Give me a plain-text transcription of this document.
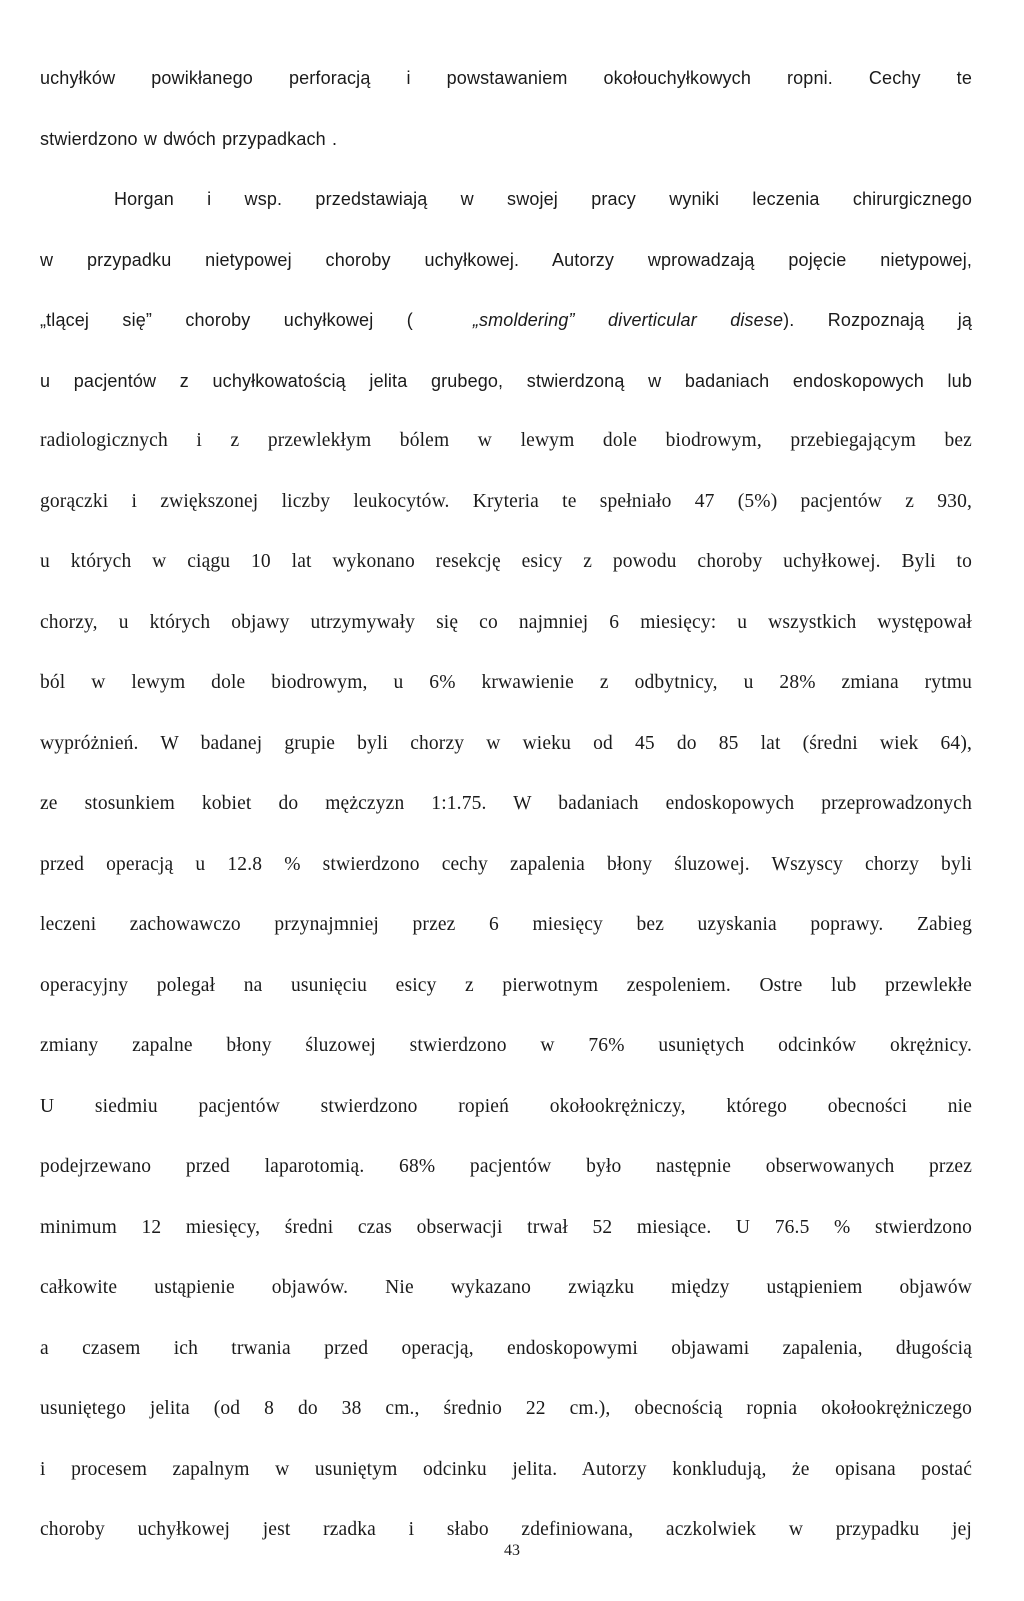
uchyłków powikłanego perforacją i powstawaniem okołouchyłkowych ropni. Cechy te
stwierdzono w dwóch przypadkach .
Horgan i wsp. przedstawiają w swojej pracy wyniki leczenia chirurgicznego
w przypadku nietypowej choroby uchyłkowej. Autorzy wprowadzają pojęcie nietypowej,
„tlącej się” choroby uchyłkowej (	„smoldering” diverticular disese). Rozpoznają ją
u pacjentów z uchyłkowatością jelita grubego, stwierdzoną w badaniach endoskopowych lub
radiologicznych i z przewlekłym bólem w lewym dole biodrowym, przebiegającym bez
gorączki i zwiększonej liczby leukocytów. Kryteria te spełniało 47 (5%) pacjentów z 930,
u których w ciągu 10 lat wykonano resekcję esicy z powodu choroby uchyłkowej. Byli to
chorzy, u których objawy utrzymywały się co najmniej 6 miesięcy: u wszystkich występował
ból w lewym dole biodrowym, u 6% krwawienie z odbytnicy, u 28% zmiana rytmu
wypróżnień. W badanej grupie byli chorzy w wieku od 45 do 85 lat (średni wiek 64),
ze stosunkiem kobiet do mężczyzn 1:1.75. W badaniach endoskopowych przeprowadzonych
przed operacją u 12.8 % stwierdzono cechy zapalenia błony śluzowej. Wszyscy chorzy byli
leczeni zachowawczo przynajmniej przez 6 miesięcy bez uzyskania poprawy. Zabieg
operacyjny polegał na usunięciu esicy z pierwotnym zespoleniem. Ostre lub przewlekłe
zmiany zapalne błony śluzowej stwierdzono w 76% usuniętych odcinków okrężnicy.
U siedmiu pacjentów stwierdzono ropień okołookrężniczy, którego obecności nie
podejrzewano przed laparotomią. 68% pacjentów było następnie obserwowanych przez
minimum 12 miesięcy, średni czas obserwacji trwał 52 miesiące. U 76.5 % stwierdzono
całkowite ustąpienie objawów. Nie wykazano związku między ustąpieniem objawów
a czasem ich trwania przed operacją, endoskopowymi objawami zapalenia, długością
usuniętego jelita (od 8 do 38 cm., średnio 22 cm.), obecnością ropnia okołookrężniczego
i procesem zapalnym w usuniętym odcinku jelita. Autorzy konkludują, że opisana postać
choroby uchyłkowej jest rzadka i słabo zdefiniowana, aczkolwiek w przypadku jej
43
